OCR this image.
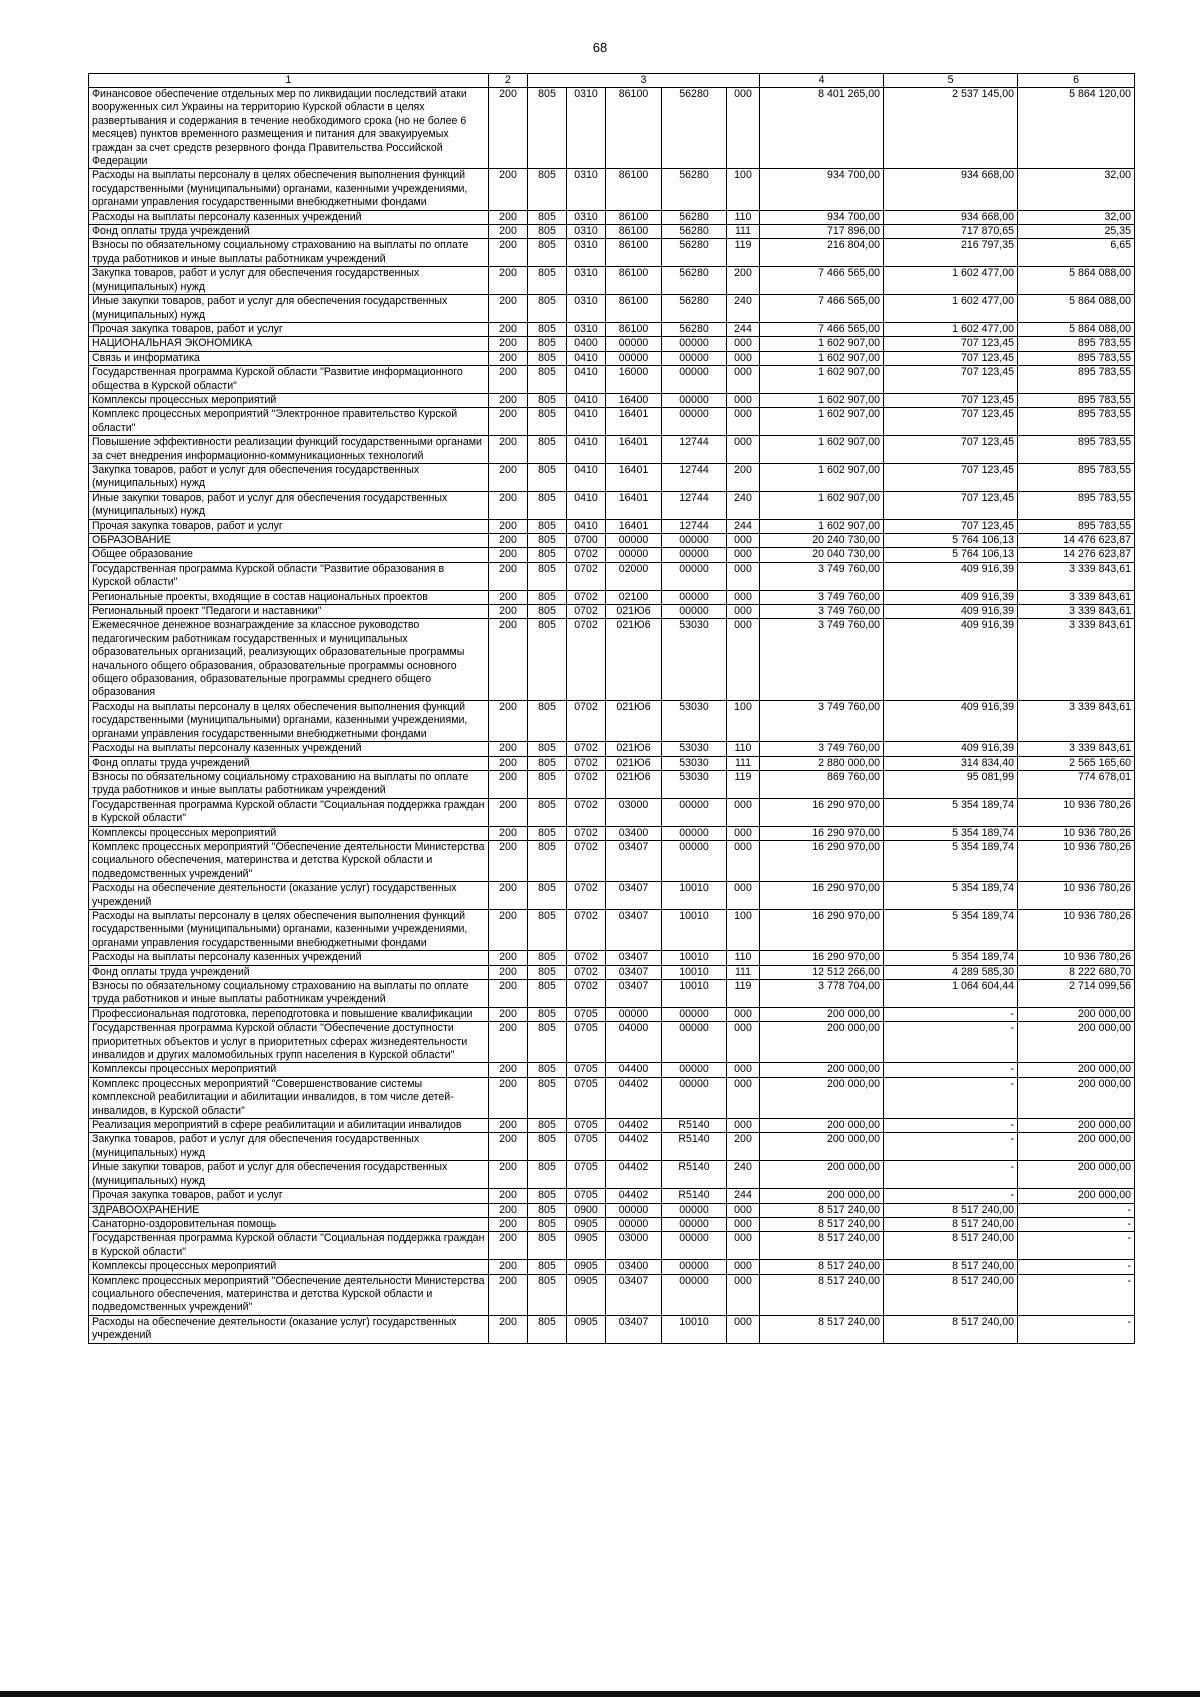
68
1	2	3					4	5	6
Финансовое обеспечение отдельных мер по ликвидации последствий атаки вооруженных сил Украины на территорию Курской области в целях развертывания и содержания в течение необходимого срока (но не более 6 месяцев) пунктов временного размещения и питания для эвакуируемых граждан за счет средств резервного фонда Правительства Российской Федерации	200	805	0310	86100	56280	000	8 401 265,00	2 537 145,00	5 864 120,00
Расходы на выплаты персоналу в целях обеспечения выполнения функций государственными (муниципальными) органами, казенными учреждениями, органами управления государственными внебюджетными фондами	200	805	0310	86100	56280	100	934 700,00	934 668,00	32,00
Расходы на выплаты персоналу казенных учреждений	200	805	0310	86100	56280	110	934 700,00	934 668,00	32,00
Фонд оплаты труда учреждений	200	805	0310	86100	56280	111	717 896,00	717 870,65	25,35
Взносы по обязательному социальному страхованию на выплаты по оплате труда работников и иные выплаты работникам учреждений	200	805	0310	86100	56280	119	216 804,00	216 797,35	6,65
Закупка товаров, работ и услуг для обеспечения государственных (муниципальных) нужд	200	805	0310	86100	56280	200	7 466 565,00	1 602 477,00	5 864 088,00
Иные закупки товаров, работ и услуг для обеспечения государственных (муниципальных) нужд	200	805	0310	86100	56280	240	7 466 565,00	1 602 477,00	5 864 088,00
Прочая закупка товаров, работ и услуг	200	805	0310	86100	56280	244	7 466 565,00	1 602 477,00	5 864 088,00
НАЦИОНАЛЬНАЯ ЭКОНОМИКА	200	805	0400	00000	00000	000	1 602 907,00	707 123,45	895 783,55
Связь и информатика	200	805	0410	00000	00000	000	1 602 907,00	707 123,45	895 783,55
Государственная программа Курской области "Развитие информационного общества в Курской области"	200	805	0410	16000	00000	000	1 602 907,00	707 123,45	895 783,55
Комплексы процессных мероприятий	200	805	0410	16400	00000	000	1 602 907,00	707 123,45	895 783,55
Комплекс процессных мероприятий "Электронное правительство Курской области"	200	805	0410	16401	00000	000	1 602 907,00	707 123,45	895 783,55
Повышение эффективности реализации функций государственными органами за счет внедрения информационно-коммуникационных технологий	200	805	0410	16401	12744	000	1 602 907,00	707 123,45	895 783,55
Закупка товаров, работ и услуг для обеспечения государственных (муниципальных) нужд	200	805	0410	16401	12744	200	1 602 907,00	707 123,45	895 783,55
Иные закупки товаров, работ и услуг для обеспечения государственных (муниципальных) нужд	200	805	0410	16401	12744	240	1 602 907,00	707 123,45	895 783,55
Прочая закупка товаров, работ и услуг	200	805	0410	16401	12744	244	1 602 907,00	707 123,45	895 783,55
ОБРАЗОВАНИЕ	200	805	0700	00000	00000	000	20 240 730,00	5 764 106,13	14 476 623,87
Общее образование	200	805	0702	00000	00000	000	20 040 730,00	5 764 106,13	14 276 623,87
Государственная программа Курской области "Развитие образования в Курской области"	200	805	0702	02000	00000	000	3 749 760,00	409 916,39	3 339 843,61
Региональные проекты, входящие в состав национальных проектов	200	805	0702	02100	00000	000	3 749 760,00	409 916,39	3 339 843,61
Региональный проект "Педагоги и наставники"	200	805	0702	021Ю6	00000	000	3 749 760,00	409 916,39	3 339 843,61
Ежемесячное денежное вознаграждение за классное руководство педагогическим работникам государственных и муниципальных образовательных организаций, реализующих образовательные программы начального общего образования, образовательные программы основного общего образования, образовательные программы среднего общего образования	200	805	0702	021Ю6	53030	000	3 749 760,00	409 916,39	3 339 843,61
Расходы на выплаты персоналу в целях обеспечения выполнения функций государственными (муниципальными) органами, казенными учреждениями, органами управления государственными внебюджетными фондами	200	805	0702	021Ю6	53030	100	3 749 760,00	409 916,39	3 339 843,61
Расходы на выплаты персоналу казенных учреждений	200	805	0702	021Ю6	53030	110	3 749 760,00	409 916,39	3 339 843,61
Фонд оплаты труда учреждений	200	805	0702	021Ю6	53030	111	2 880 000,00	314 834,40	2 565 165,60
Взносы по обязательному социальному страхованию на выплаты по оплате труда работников и иные выплаты работникам учреждений	200	805	0702	021Ю6	53030	119	869 760,00	95 081,99	774 678,01
Государственная программа Курской области "Социальная поддержка граждан в Курской области"	200	805	0702	03000	00000	000	16 290 970,00	5 354 189,74	10 936 780,26
Комплексы процессных мероприятий	200	805	0702	03400	00000	000	16 290 970,00	5 354 189,74	10 936 780,26
Комплекс процессных мероприятий "Обеспечение деятельности Министерства социального обеспечения, материнства и детства Курской области и подведомственных учреждений"	200	805	0702	03407	00000	000	16 290 970,00	5 354 189,74	10 936 780,26
Расходы на обеспечение деятельности (оказание услуг) государственных учреждений	200	805	0702	03407	10010	000	16 290 970,00	5 354 189,74	10 936 780,26
Расходы на выплаты персоналу в целях обеспечения выполнения функций государственными (муниципальными) органами, казенными учреждениями, органами управления государственными внебюджетными фондами	200	805	0702	03407	10010	100	16 290 970,00	5 354 189,74	10 936 780,26
Расходы на выплаты персоналу казенных учреждений	200	805	0702	03407	10010	110	16 290 970,00	5 354 189,74	10 936 780,26
Фонд оплаты труда учреждений	200	805	0702	03407	10010	111	12 512 266,00	4 289 585,30	8 222 680,70
Взносы по обязательному социальному страхованию на выплаты по оплате труда работников и иные выплаты работникам учреждений	200	805	0702	03407	10010	119	3 778 704,00	1 064 604,44	2 714 099,56
Профессиональная подготовка, переподготовка и повышение квалификации	200	805	0705	00000	00000	000	200 000,00	-	200 000,00
Государственная программа Курской области "Обеспечение доступности приоритетных объектов и услуг в приоритетных сферах жизнедеятельности инвалидов и других маломобильных групп населения в Курской области"	200	805	0705	04000	00000	000	200 000,00	-	200 000,00
Комплексы процессных мероприятий	200	805	0705	04400	00000	000	200 000,00	-	200 000,00
Комплекс процессных мероприятий "Совершенствование системы комплексной реабилитации и абилитации инвалидов, в том числе детей-инвалидов, в Курской области"	200	805	0705	04402	00000	000	200 000,00	-	200 000,00
Реализация мероприятий в сфере реабилитации и абилитации инвалидов	200	805	0705	04402	R5140	000	200 000,00	-	200 000,00
Закупка товаров, работ и услуг для обеспечения государственных (муниципальных) нужд	200	805	0705	04402	R5140	200	200 000,00	-	200 000,00
Иные закупки товаров, работ и услуг для обеспечения государственных (муниципальных) нужд	200	805	0705	04402	R5140	240	200 000,00	-	200 000,00
Прочая закупка товаров, работ и услуг	200	805	0705	04402	R5140	244	200 000,00	-	200 000,00
ЗДРАВООХРАНЕНИЕ	200	805	0900	00000	00000	000	8 517 240,00	8 517 240,00	-
Санаторно-оздоровительная помощь	200	805	0905	00000	00000	000	8 517 240,00	8 517 240,00	-
Государственная программа Курской области "Социальная поддержка граждан в Курской области"	200	805	0905	03000	00000	000	8 517 240,00	8 517 240,00	-
Комплексы процессных мероприятий	200	805	0905	03400	00000	000	8 517 240,00	8 517 240,00	-
Комплекс процессных мероприятий "Обеспечение деятельности Министерства социального обеспечения, материнства и детства Курской области и подведомственных учреждений"	200	805	0905	03407	00000	000	8 517 240,00	8 517 240,00	-
Расходы на обеспечение деятельности (оказание услуг) государственных учреждений	200	805	0905	03407	10010	000	8 517 240,00	8 517 240,00	-
